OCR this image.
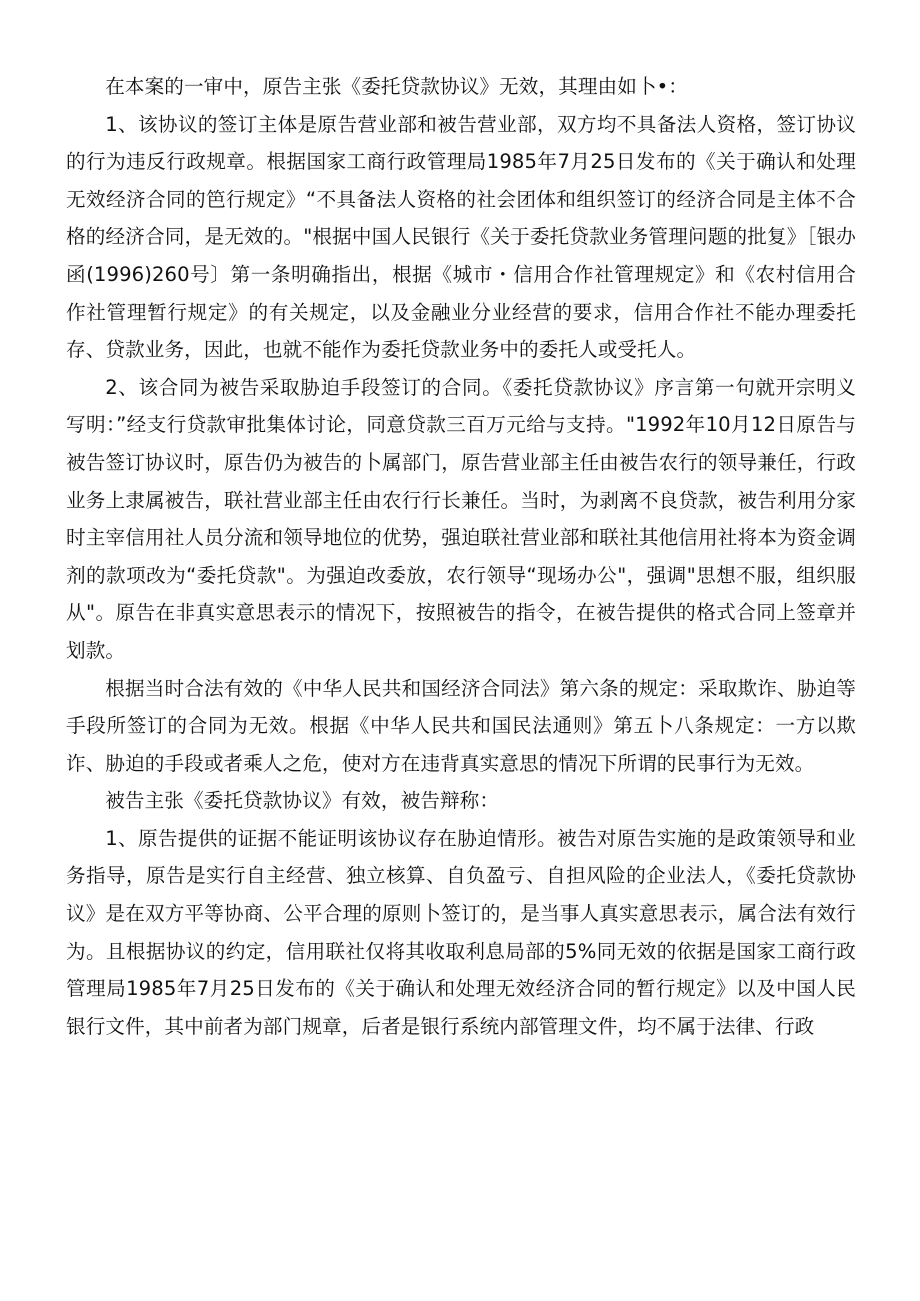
在本案的一审中，原告主张《委托贷款协议》无效，其理由如卜•：

1、该协议的签订主体是原告营业部和被告营业部，双方均不具备法人资格，签订协议的行为违反行政规章。根据国家工商行政管理局1985年7月25日发布的《关于确认和处理无效经济合同的笆行规定》“不具备法人资格的社会团体和组织签订的经济合同是主体不合格的经济合同，是无效的。"根据中国人民银行《关于委托贷款业务管理问题的批复》［银办函(1996)260号〕第一条明确指出，根据《城市・信用合作社管理规定》和《农村信用合作社管理暂行规定》的有关规定，以及金融业分业经营的要求，信用合作社不能办理委托存、贷款业务，因此，也就不能作为委托贷款业务中的委托人或受托人。

2、该合同为被告采取胁迫手段签订的合同。《委托贷款协议》序言第一句就开宗明义写明：”经支行贷款审批集体讨论，同意贷款三百万元给与支持。"1992年10月12日原告与被告签订协议时，原告仍为被告的卜属部门，原告营业部主任由被告农行的领导兼任，行政业务上隶属被告，联社营业部主任由农行行长兼任。当时，为剥离不良贷款，被告利用分家时主宰信用社人员分流和领导地位的优势，强迫联社营业部和联社其他信用社将本为资金调剂的款项改为“委托贷款"。为强迫改委放，农行领导“现场办公"，强调"思想不服，组织服从"。原告在非真实意思表示的情况下，按照被告的指令，在被告提供的格式合同上签章并划款。

根据当时合法有效的《中华人民共和国经济合同法》第六条的规定：采取欺诈、胁迫等手段所签订的合同为无效。根据《中华人民共和国民法通则》第五卜八条规定：一方以欺诈、胁迫的手段或者乘人之危，使对方在违背真实意思的情况下所谓的民事行为无效。

被告主张《委托贷款协议》有效，被告辩称：

1、原告提供的证据不能证明该协议存在胁迫情形。被告对原告实施的是政策领导和业务指导，原告是实行自主经营、独立核算、自负盈亏、自担风险的企业法人，《委托贷款协议》是在双方平等协商、公平合理的原则卜签订的，是当事人真实意思表示，属合法有效行为。且根据协议的约定，信用联社仅将其收取利息局部的5%同无效的依据是国家工商行政管理局1985年7月25日发布的《关于确认和处理无效经济合同的暂行规定》以及中国人民银行文件，其中前者为部门规章，后者是银行系统内部管理文件，均不属于法律、行政
